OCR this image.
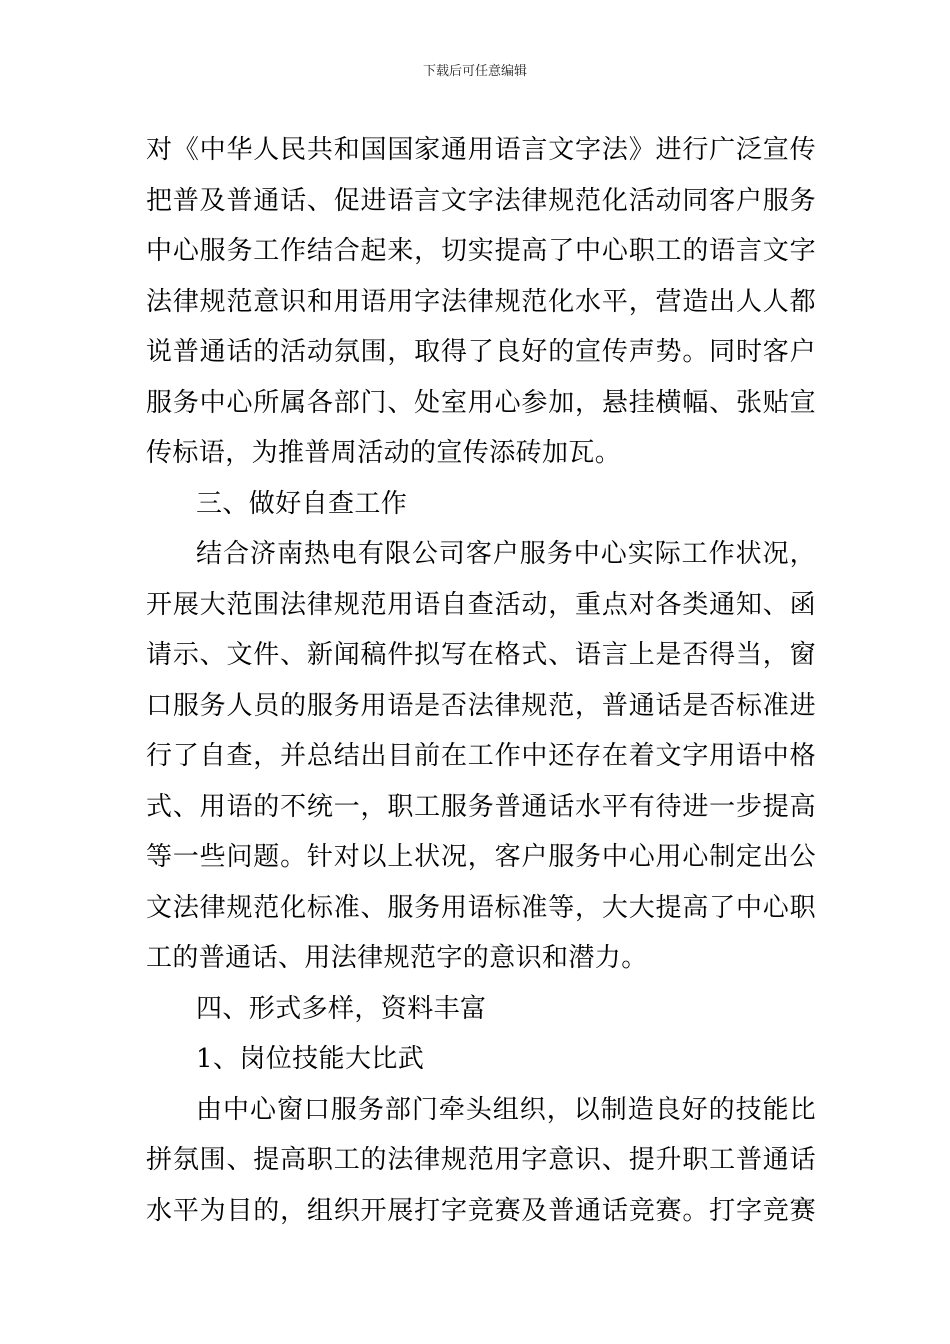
下载后可任意编辑
对《中华人民共和国国家通用语言文字法》进行广泛宣传
把普及普通话、促进语言文字法律规范化活动同客户服务
中心服务工作结合起来，切实提高了中心职工的语言文字
法律规范意识和用语用字法律规范化水平，营造出人人都
说普通话的活动氛围，取得了良好的宣传声势。同时客户
服务中心所属各部门、处室用心参加，悬挂横幅、张贴宣
传标语，为推普周活动的宣传添砖加瓦。
三、做好自查工作
结合济南热电有限公司客户服务中心实际工作状况，
开展大范围法律规范用语自查活动，重点对各类通知、函
请示、文件、新闻稿件拟写在格式、语言上是否得当，窗
口服务人员的服务用语是否法律规范，普通话是否标准进
行了自查，并总结出目前在工作中还存在着文字用语中格
式、用语的不统一，职工服务普通话水平有待进一步提高
等一些问题。针对以上状况，客户服务中心用心制定出公
文法律规范化标准、服务用语标准等，大大提高了中心职
工的普通话、用法律规范字的意识和潜力。
四、形式多样，资料丰富
1、岗位技能大比武
由中心窗口服务部门牵头组织，以制造良好的技能比
拼氛围、提高职工的法律规范用字意识、提升职工普通话
水平为目的，组织开展打字竞赛及普通话竞赛。打字竞赛
